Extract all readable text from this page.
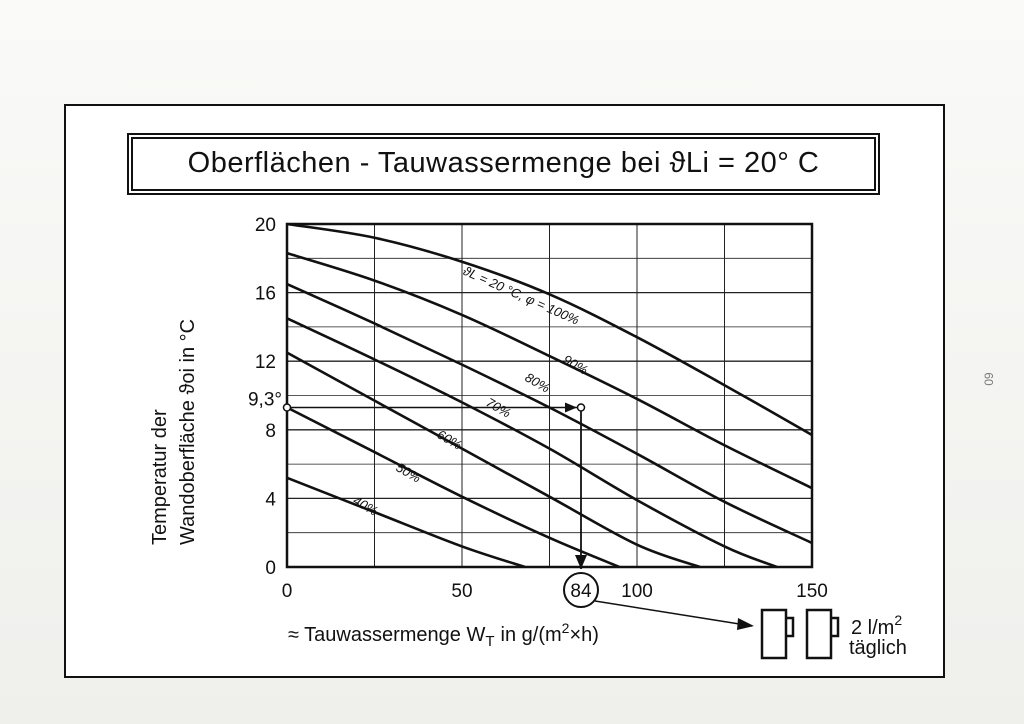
Oberflächen - Tauwassermenge bei ϑLi = 20° C
60
0	50	100	150
0
4
8
12
16
20
ϑL = 20 °C, φ = 100%
90%
80%
70%
60%
50%
40%
9,3°
84
Temperatur der Wandoberfläche ϑoi in °C
≈ Tauwassermenge $W_T$ in $g/(m^2\times h)$	2 $l/m^2$
täglich
